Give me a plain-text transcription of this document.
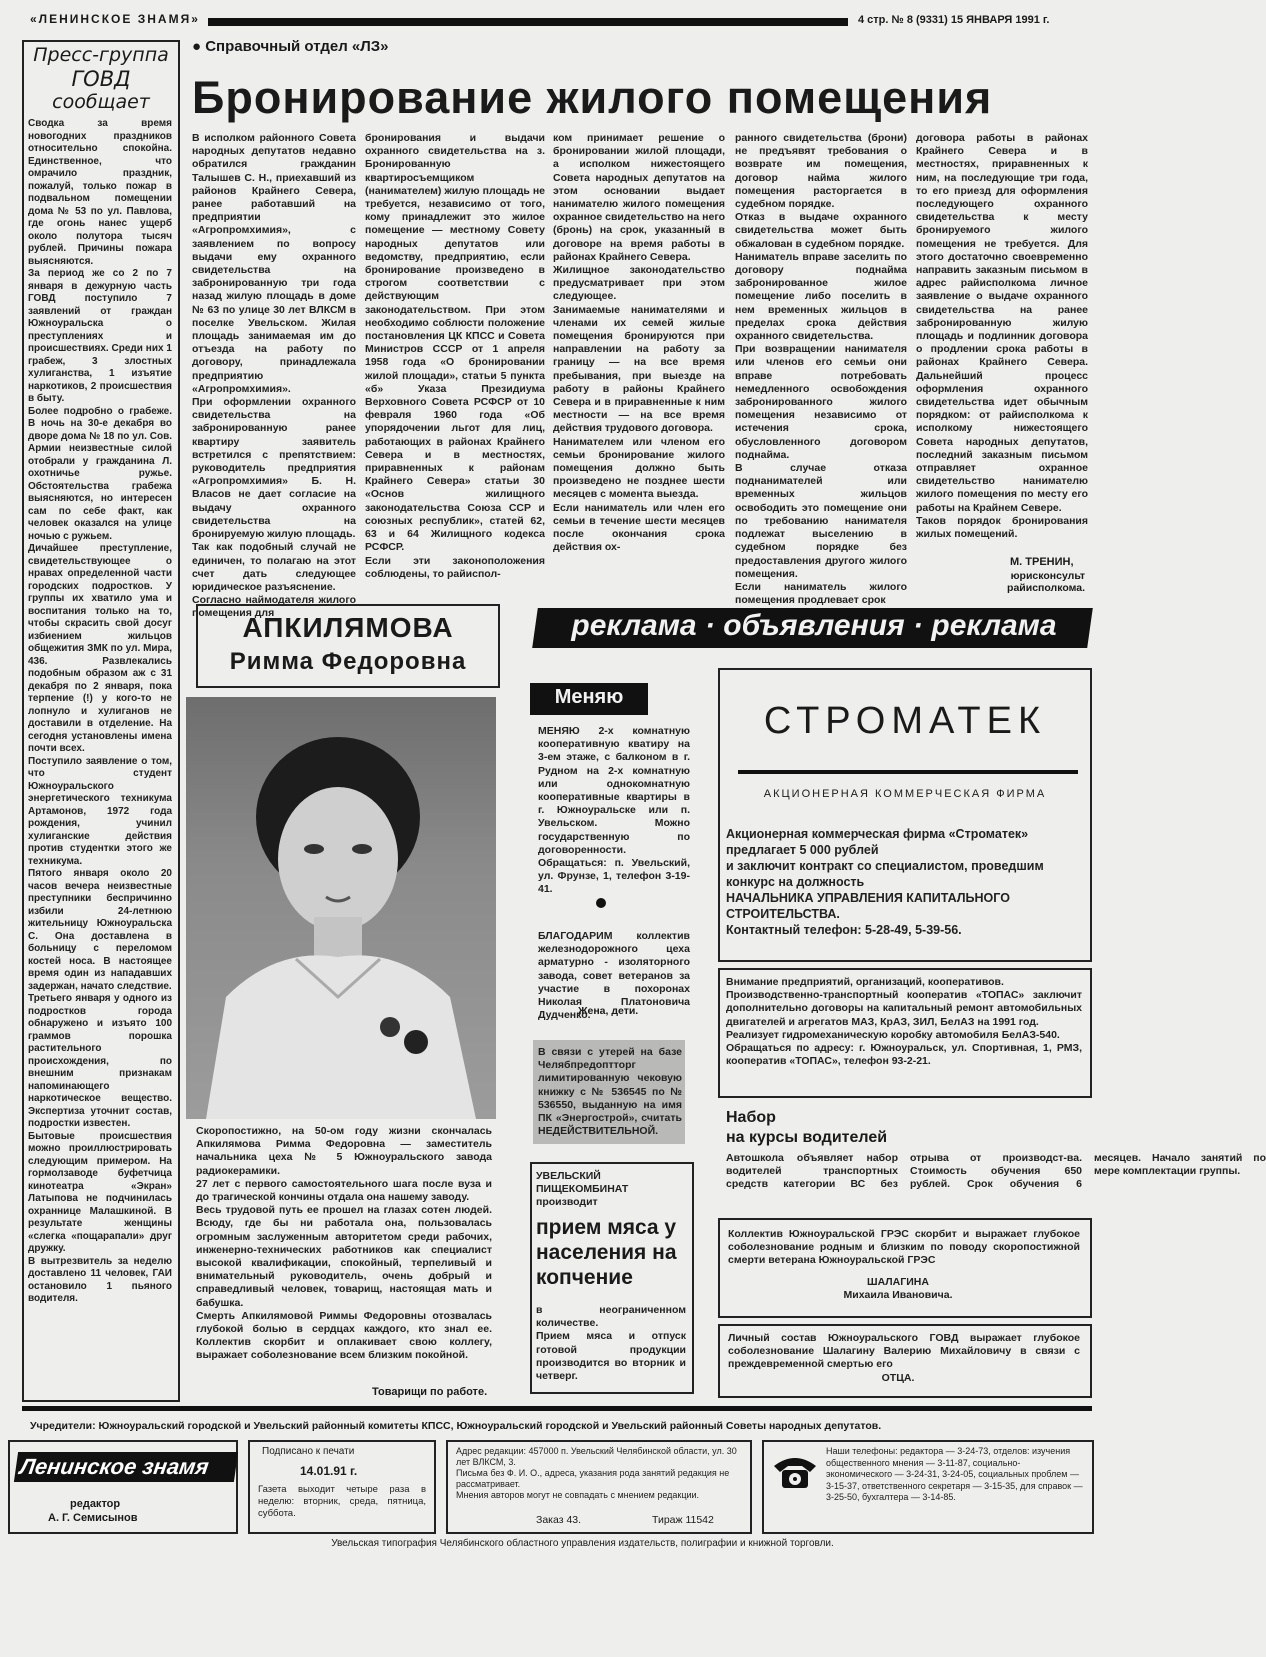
«ЛЕНИНСКОЕ ЗНАМЯ»	4 стр. № 8 (9331) 15 ЯНВАРЯ 1991 г.
● Справочный отдел «ЛЗ»
Пресс-группа
ГОВД
сообщает
Сводка за время новогодних праздников относительно спокойна. Единственное, что омрачило праздник, пожалуй, только пожар в подвальном помещении дома № 53 по ул. Павлова, где огонь нанес ущерб около полутора тысяч рублей. Причины пожара выясняются.
За период же со 2 по 7 января в дежурную часть ГОВД поступило 7 заявлений от граждан Южноуральска о преступлениях и происшествиях. Среди них 1 грабеж, 3 злостных хулиганства, 1 изъятие наркотиков, 2 происшествия в быту.
Более подробно о грабеже. В ночь на 30-е декабря во дворе дома № 18 по ул. Сов. Армии неизвестные силой отобрали у гражданина Л. охотничье ружье. Обстоятельства грабежа выясняются, но интересен сам по себе факт, как человек оказался на улице ночью с ружьем.
Дичайшее преступление, свидетельствующее о нравах определенной части городских подростков. У группы их хватило ума и воспитания только на то, чтобы скрасить свой досуг избиением жильцов общежития ЗМК по ул. Мира, 436. Развлекались подобным образом аж с 31 декабря по 2 января, пока терпение (!) у кого-то не лопнуло и хулиганов не доставили в отделение. На сегодня установлены имена почти всех.
Поступило заявление о том, что студент Южноуральского энергетического техникума Артамонов, 1972 года рождения, учинил хулиганские действия против студентки этого же техникума.
Пятого января около 20 часов вечера неизвестные преступники беспричинно избили 24-летнюю жительницу Южноуральска С. Она доставлена в больницу с переломом костей носа. В настоящее время один из нападавших задержан, начато следствие.
Третьего января у одного из подростков города обнаружено и изъято 100 граммов порошка растительного происхождения, по внешним признакам напоминающего наркотическое вещество. Экспертиза уточнит состав, подростки известен.
Бытовые происшествия можно проиллюстрировать следующим примером. На гормолзаводе буфетчица кинотеатра «Экран» Латыпова не подчинилась охраннице Малашкиной. В результате женщины «слегка «пощарапали» друг дружку.
В вытрезвитель за неделю доставлено 11 человек, ГАИ остановило 1 пьяного водителя.
Бронирование жилого помещения
В исполком районного Совета народных депутатов недавно обратился гражданин Талышев С. Н., приехавший из районов Крайнего Севера, ранее работавший на предприятии «Агропромхимия», с заявлением по вопросу выдачи ему охранного свидетельства на забронированную три года назад жилую площадь в доме № 63 по улице 30 лет ВЛКСМ в поселке Увельском. Жилая площадь занимаемая им до отъезда на работу по договору, принадлежала предприятию «Агропромхимия».
При оформлении охранного свидетельства на забронированную ранее квартиру заявитель встретился с препятствием: руководитель предприятия «Агропромхимия» Б. Н. Власов не дает согласие на выдачу охранного свидетельства на бронируемую жилую площадь.
Так как подобный случай не единичен, то полагаю на этот счет дать следующее юридическое разъяснение.
Согласно наймодателя жилого помещения для
бронирования и выдачи охранного свидетельства на з. Бронированную квартиросъемщиком (нанимателем) жилую площадь не требуется, независимо от того, кому принадлежит это жилое помещение — местному Совету народных депутатов или ведомству, предприятию, если бронирование произведено в строгом соответствии с действующим законодательством. При этом необходимо соблюсти положение постановления ЦК КПСС и Совета Министров СССР от 1 апреля 1958 года «О бронировании жилой площади», статьи 5 пункта «б» Указа Президиума Верховного Совета РСФСР от 10 февраля 1960 года «Об упорядочении льгот для лиц, работающих в районах Крайнего Севера и в местностях, приравненных к районам Крайнего Севера» статьи 30 «Основ жилищного законодательства Союза ССР и союзных республик», статей 62, 63 и 64 Жилищного кодекса РСФСР.
Если эти законоположения соблюдены, то райиспол-
ком принимает решение о бронировании жилой площади, а исполком нижестоящего Совета народных депутатов на этом основании выдает нанимателю жилого помещения охранное свидетельство на него (бронь) на срок, указанный в договоре на время работы в районах Крайнего Севера.
Жилищное законодательство предусматривает при этом следующее.
Занимаемые нанимателями и членами их семей жилые помещения бронируются при направлении на работу за границу — на все время пребывания, при выезде на работу в районы Крайнего Севера и в приравненные к ним местности — на все время действия трудового договора.
Нанимателем или членом его семьи бронирование жилого помещения должно быть произведено не позднее шести месяцев с момента выезда.
Если наниматель или член его семьи в течение шести месяцев после окончания срока действия ох-
ранного свидетельства (брони) не предъявят требования о возврате им помещения, договор найма жилого помещения расторгается в судебном порядке.
Отказ в выдаче охранного свидетельства может быть обжалован в судебном порядке.
Наниматель вправе заселить по договору поднайма забронированное жилое помещение либо поселить в нем временных жильцов в пределах срока действия охранного свидетельства.
При возвращении нанимателя или членов его семьи они вправе потребовать немедленного освобождения забронированного жилого помещения независимо от истечения срока, обусловленного договором поднайма.
В случае отказа поднанимателей или временных жильцов освободить это помещение они по требованию нанимателя подлежат выселению в судебном порядке без предоставления другого жилого помещения.
Если наниматель жилого помещения продлевает срок
договора работы в районах Крайнего Севера и в местностях, приравненных к ним, на последующие три года, то его приезд для оформления последующего охранного свидетельства к месту бронируемого жилого помещения не требуется. Для этого достаточно своевременно направить заказным письмом в адрес райисполкома личное заявление о выдаче охранного свидетельства на ранее забронированную жилую площадь и подлинник договора о продлении срока работы в районах Крайнего Севера. Дальнейший процесс оформления охранного свидетельства идет обычным порядком: от райисполкома к исполкому нижестоящего Совета народных депутатов, последний заказным письмом отправляет охранное свидетельство нанимателю жилого помещения по месту его работы на Крайнем Севере.
Таков порядок бронирования жилых помещений.
М. ТРЕНИН,
юрисконсульт райисполкома.
АПКИЛЯМОВА
Римма Федоровна
Скоропостижно, на 50-ом году жизни скончалась Апкилямова Римма Федоровна — заместитель начальника цеха № 5 Южноуральского завода радиокерамики.
27 лет с первого самостоятельного шага после вуза и до трагической кончины отдала она нашему заводу.
Весь трудовой путь ее прошел на глазах сотен людей. Всюду, где бы ни работала она, пользовалась огромным заслуженным авторитетом среди рабочих, инженерно-технических работников как специалист высокой квалификации, спокойный, терпеливый и внимательный руководитель, очень добрый и справедливый человек, товарищ, настоящая мать и бабушка.
Смерть Апкилямовой Риммы Федоровны отозвалась глубокой болью в сердцах каждого, кто знал ее. Коллектив скорбит и оплакивает свою коллегу, выражает соболезнование всем близким покойной.
Товарищи по работе.
реклама · объявления · реклама
Меняю
МЕНЯЮ 2-х комнатную кооперативную кватиру на 3-ем этаже, с балконом в г. Рудном на 2-х комнатную или однокомнатную кооперативные квартиры в г. Южноуральске или п. Увельском. Можно государственную по договоренности.
Обращаться: п. Увельский, ул. Фрунзе, 1, телефон 3-19-41.
БЛАГОДАРИМ коллектив железнодорожного цеха арматурно - изоляторного завода, совет ветеранов за участие в похоронах Николая Платоновича Дудченко.
Жена, дети.
В связи с утерей на базе Челябпредоптторг лимитированную чековую книжку с № 536545 по № 536550, выданную на имя ПК «Энергострой», считать НЕДЕЙСТВИТЕЛЬНОЙ.
УВЕЛЬСКИЙ ПИЩЕКОМБИНАТ производит
прием мяса у населения на копчение
в неограниченном количестве.
Прием мяса и отпуск готовой продукции производится во вторник и четверг.
СТРОМАТЕК
АКЦИОНЕРНАЯ КОММЕРЧЕСКАЯ ФИРМА
Акционерная коммерческая фирма «Строматек»
предлагает 5 000 рублей
и заключит контракт со специалистом, проведшим конкурс на должность
НАЧАЛЬНИКА УПРАВЛЕНИЯ КАПИТАЛЬНОГО СТРОИТЕЛЬСТВА.
Контактный телефон: 5-28-49, 5-39-56.
Внимание предприятий, организаций, кооперативов.
Производственно-транспортный кооператив «ТОПАС» заключит дополнительно договоры на капитальный ремонт автомобильных двигателей и агрегатов МАЗ, КрАЗ, ЗИЛ, БелАЗ на 1991 год.
Реализует гидромеханическую коробку автомобиля БелАЗ-540.
Обращаться по адресу: г. Южноуральск, ул. Спортивная, 1, РМЗ, кооператив «ТОПАС», телефон 93-2-21.
Набор
на курсы водителей
Автошкола объявляет набор водителей транспортных средств категории ВС без отрыва от производст-ва. Стоимость обучения 650 рублей. Срок обучения 6 месяцев. Начало занятий по мере комплектации группы.
Коллектив Южноуральской ГРЭС скорбит и выражает глубокое соболезнование родным и близким по поводу скоропостижной смерти ветерана Южноуральской ГРЭС
ШАЛАГИНА
Михаила Ивановича.
Личный состав Южноуральского ГОВД выражает глубокое соболезнование Шалагину Валерию Михайловичу в связи с преждевременной смертью его
ОТЦА.
Учредители: Южноуральский городской и Увельский районный комитеты КПСС, Южноуральский городской и Увельский районный Советы народных депутатов.
Ленинское знамя
редактор
А. Г. Семисынов
Подписано к печати
14.01.91 г.
Газета выходит четыре раза в неделю: вторник, среда, пятница, суббота.
Адрес редакции: 457000 п. Увельский Челябинской области, ул. 30 лет ВЛКСМ, 3.
Письма без Ф. И. О., адреса, указания рода занятий редакция не рассматривает.
Мнения авторов могут не совпадать с мнением редакции.
Заказ 43.	Тираж 11542
Наши телефоны: редактора — 3-24-73, отделов: изучения общественного мнения — 3-11-87, социально-экономического — 3-24-31, 3-24-05, социальных проблем — 3-15-37, ответственного секретаря — 3-15-35, для справок — 3-25-50, бухгалтера — 3-14-85.
Увельская типография Челябинского областного управления издательств, полиграфии и книжной торговли.
